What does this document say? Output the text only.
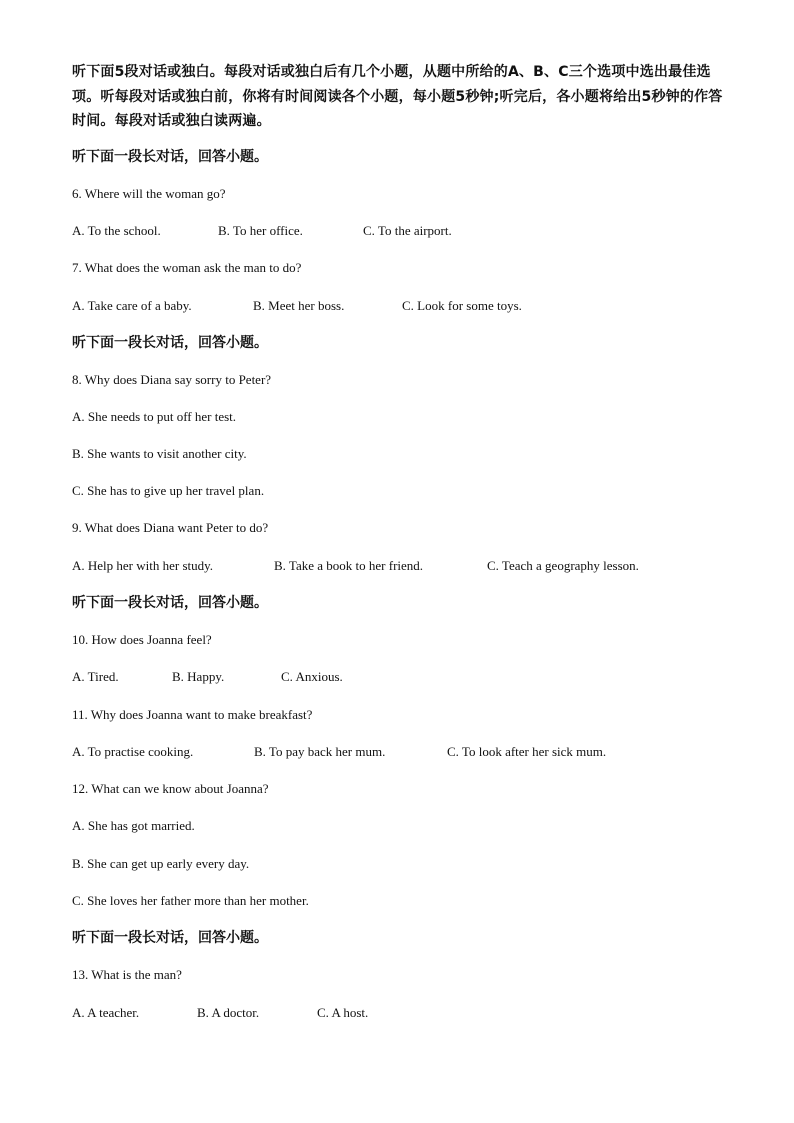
听下面5段对话或独白。每段对话或独白后有几个小题，从题中所给的A、B、C三个选项中选出最佳选项。听每段对话或独白前，你将有时间阅读各个小题，每小题5秒钟;听完后，各小题将给出5秒钟的作答时间。每段对话或独白读两遍。

听下面一段长对话，回答小题。

6. Where will the woman go?

A. To the school.	B. To her office.	C. To the airport.

7. What does the woman ask the man to do?

A. Take care of a baby.	B. Meet her boss.	C. Look for some toys.

听下面一段长对话，回答小题。

8. Why does Diana say sorry to Peter?

A. She needs to put off her test.

B. She wants to visit another city.

C. She has to give up her travel plan.

9. What does Diana want Peter to do?

A. Help her with her study.	B. Take a book to her friend.	C. Teach a geography lesson.

听下面一段长对话，回答小题。

10. How does Joanna feel?

A. Tired.	B. Happy.	C. Anxious.

11. Why does Joanna want to make breakfast?

A. To practise cooking.	B. To pay back her mum.	C. To look after her sick mum.

12. What can we know about Joanna?

A. She has got married.

B. She can get up early every day.

C. She loves her father more than her mother.

听下面一段长对话，回答小题。

13. What is the man?

A. A teacher.	B. A doctor.	C. A host.
